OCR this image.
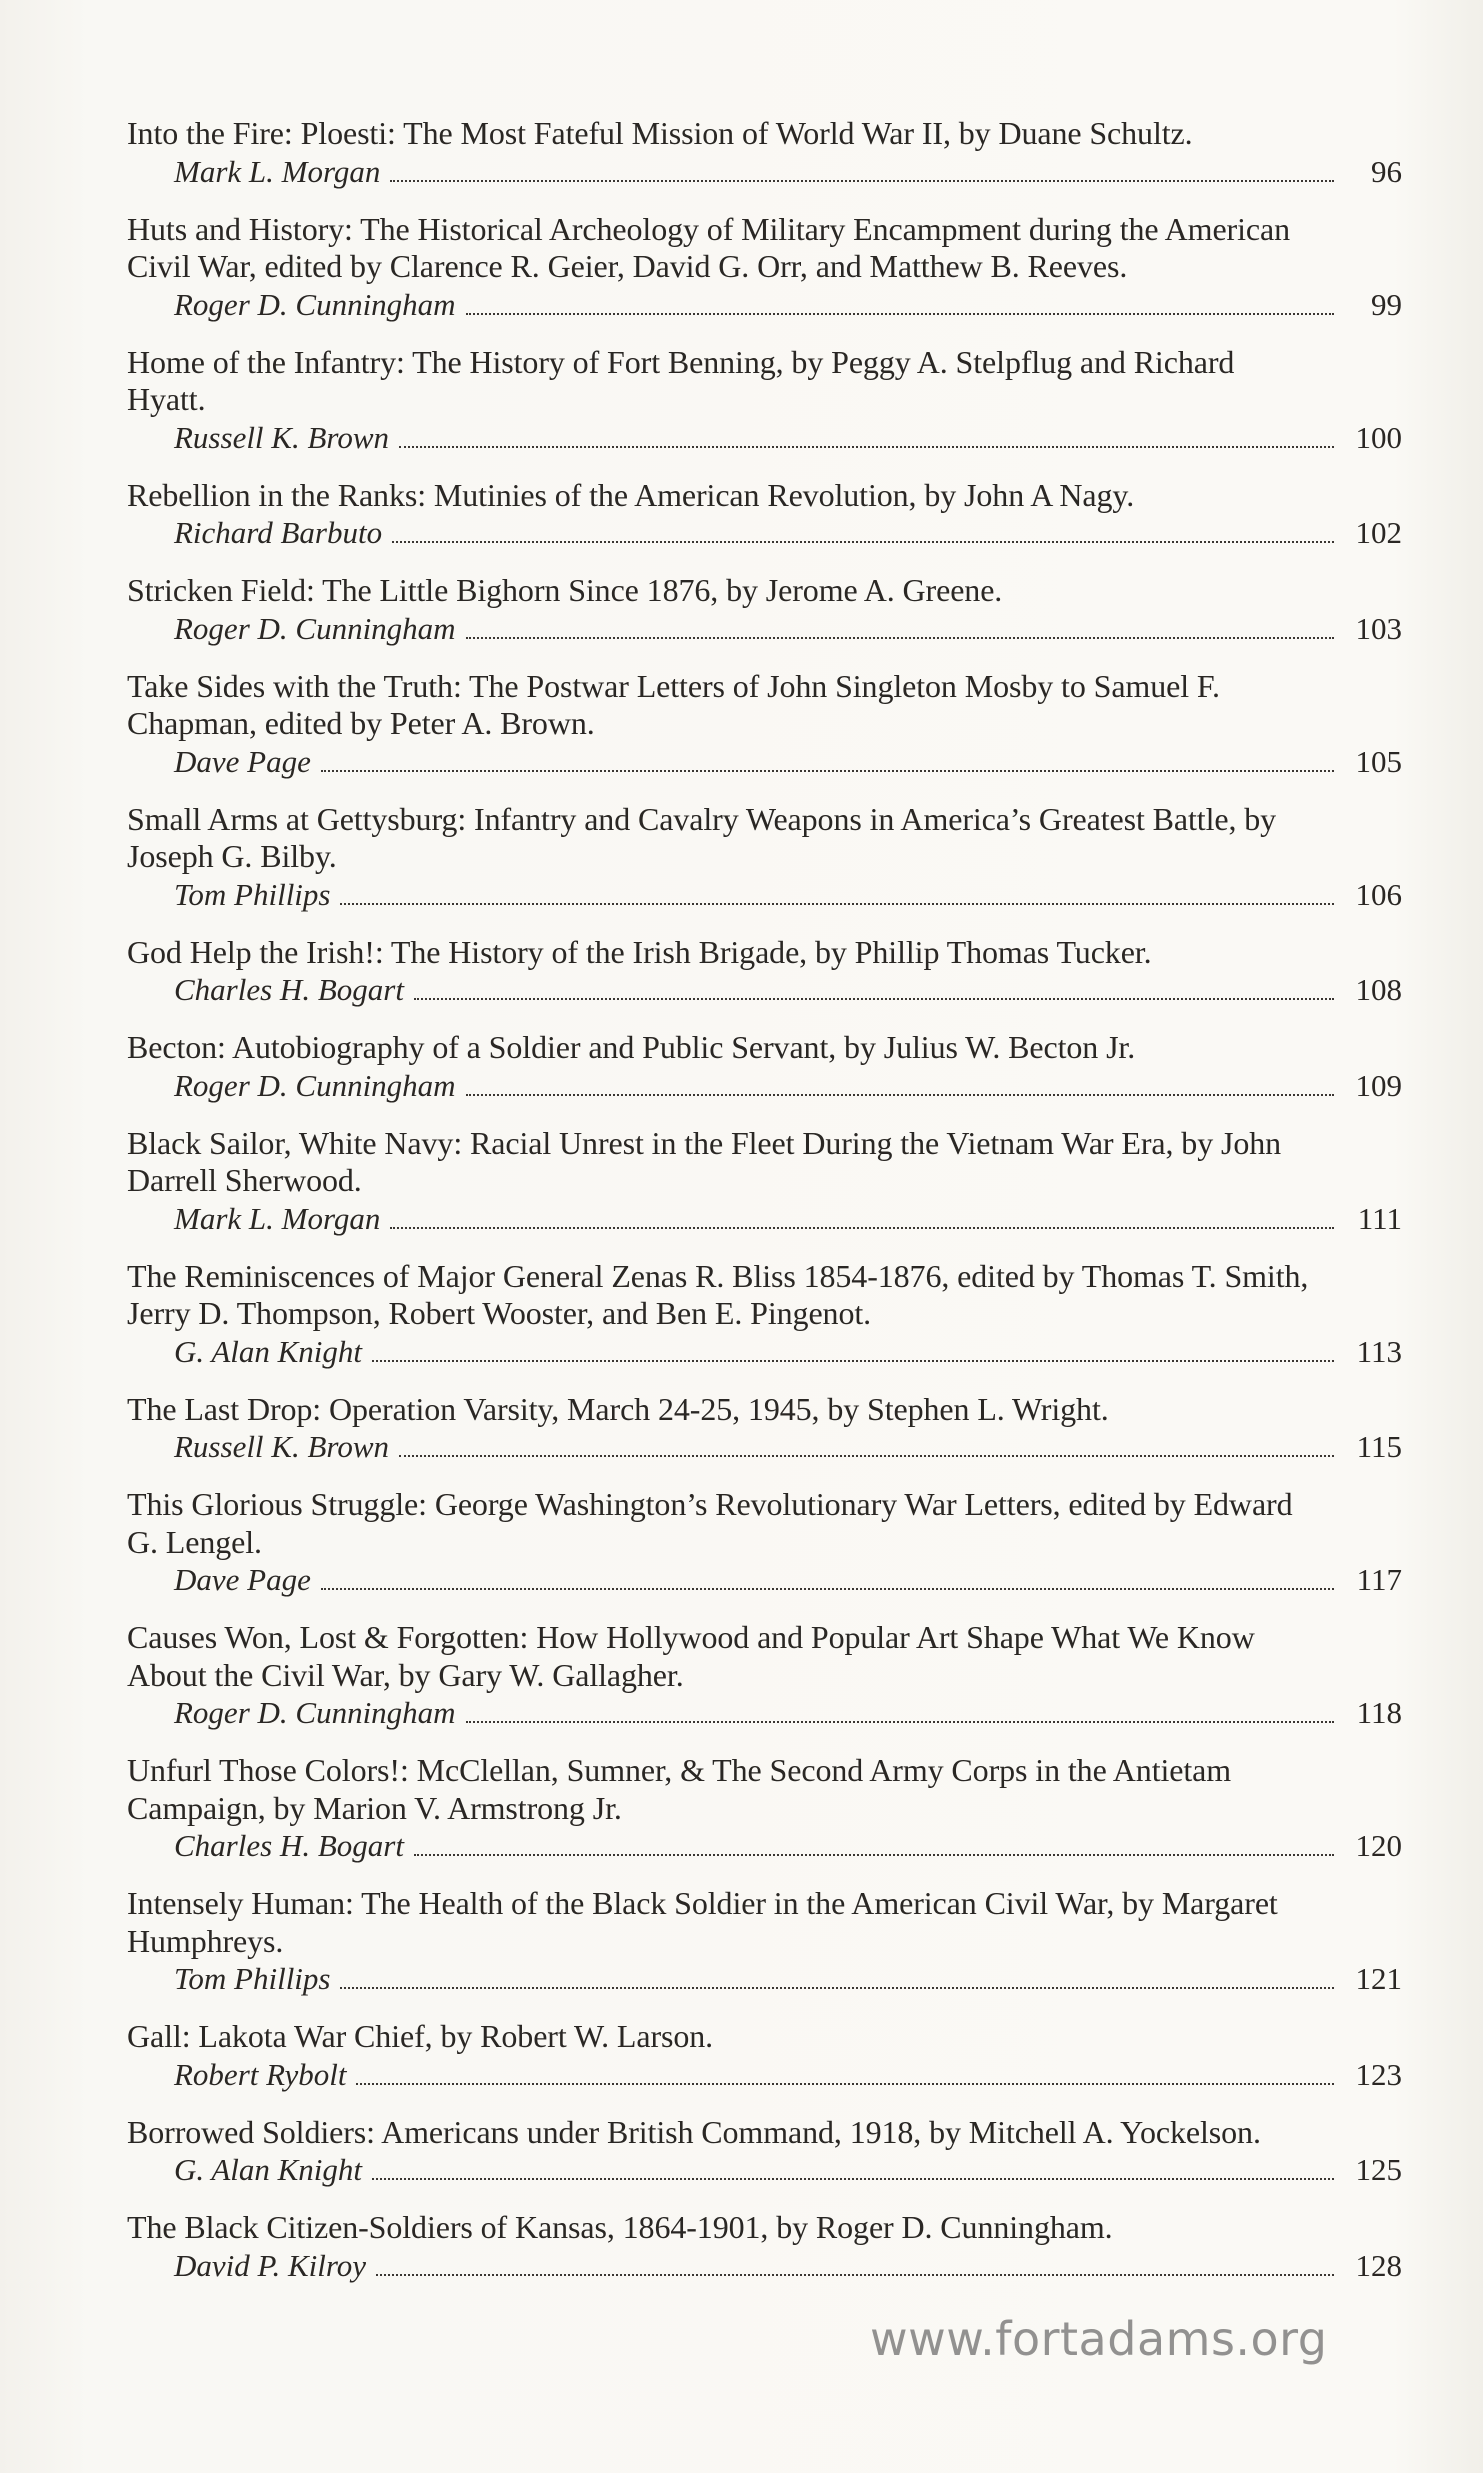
Into the Fire: Ploesti: The Most Fateful Mission of World War II, by Duane Schultz.
Mark L. Morgan	96
Huts and History: The Historical Archeology of Military Encampment during the American Civil War, edited by Clarence R. Geier, David G. Orr, and Matthew B. Reeves.
Roger D. Cunningham	99
Home of the Infantry: The History of Fort Benning, by Peggy A. Stelpflug and Richard Hyatt.
Russell K. Brown	100
Rebellion in the Ranks: Mutinies of the American Revolution, by John A Nagy.
Richard Barbuto	102
Stricken Field: The Little Bighorn Since 1876, by Jerome A. Greene.
Roger D. Cunningham	103
Take Sides with the Truth: The Postwar Letters of John Singleton Mosby to Samuel F. Chapman, edited by Peter A. Brown.
Dave Page	105
Small Arms at Gettysburg: Infantry and Cavalry Weapons in America’s Greatest Battle, by Joseph G. Bilby.
Tom Phillips	106
God Help the Irish!: The History of the Irish Brigade, by Phillip Thomas Tucker.
Charles H. Bogart	108
Becton: Autobiography of a Soldier and Public Servant, by Julius W. Becton Jr.
Roger D. Cunningham	109
Black Sailor, White Navy: Racial Unrest in the Fleet During the Vietnam War Era, by John Darrell Sherwood.
Mark L. Morgan	111
The Reminiscences of Major General Zenas R. Bliss 1854-1876, edited by Thomas T. Smith, Jerry D. Thompson, Robert Wooster, and Ben E. Pingenot.
G. Alan Knight	113
The Last Drop: Operation Varsity, March 24-25, 1945, by Stephen L. Wright.
Russell K. Brown	115
This Glorious Struggle: George Washington’s Revolutionary War Letters, edited by Edward G. Lengel.
Dave Page	117
Causes Won, Lost & Forgotten: How Hollywood and Popular Art Shape What We Know About the Civil War, by Gary W. Gallagher.
Roger D. Cunningham	118
Unfurl Those Colors!: McClellan, Sumner, & The Second Army Corps in the Antietam Campaign, by Marion V. Armstrong Jr.
Charles H. Bogart	120
Intensely Human: The Health of the Black Soldier in the American Civil War, by Margaret Humphreys.
Tom Phillips	121
Gall: Lakota War Chief, by Robert W. Larson.
Robert Rybolt	123
Borrowed Soldiers: Americans under British Command, 1918, by Mitchell A. Yockelson.
G. Alan Knight	125
The Black Citizen-Soldiers of Kansas, 1864-1901, by Roger D. Cunningham.
David P. Kilroy	128
www.fortadams.org
